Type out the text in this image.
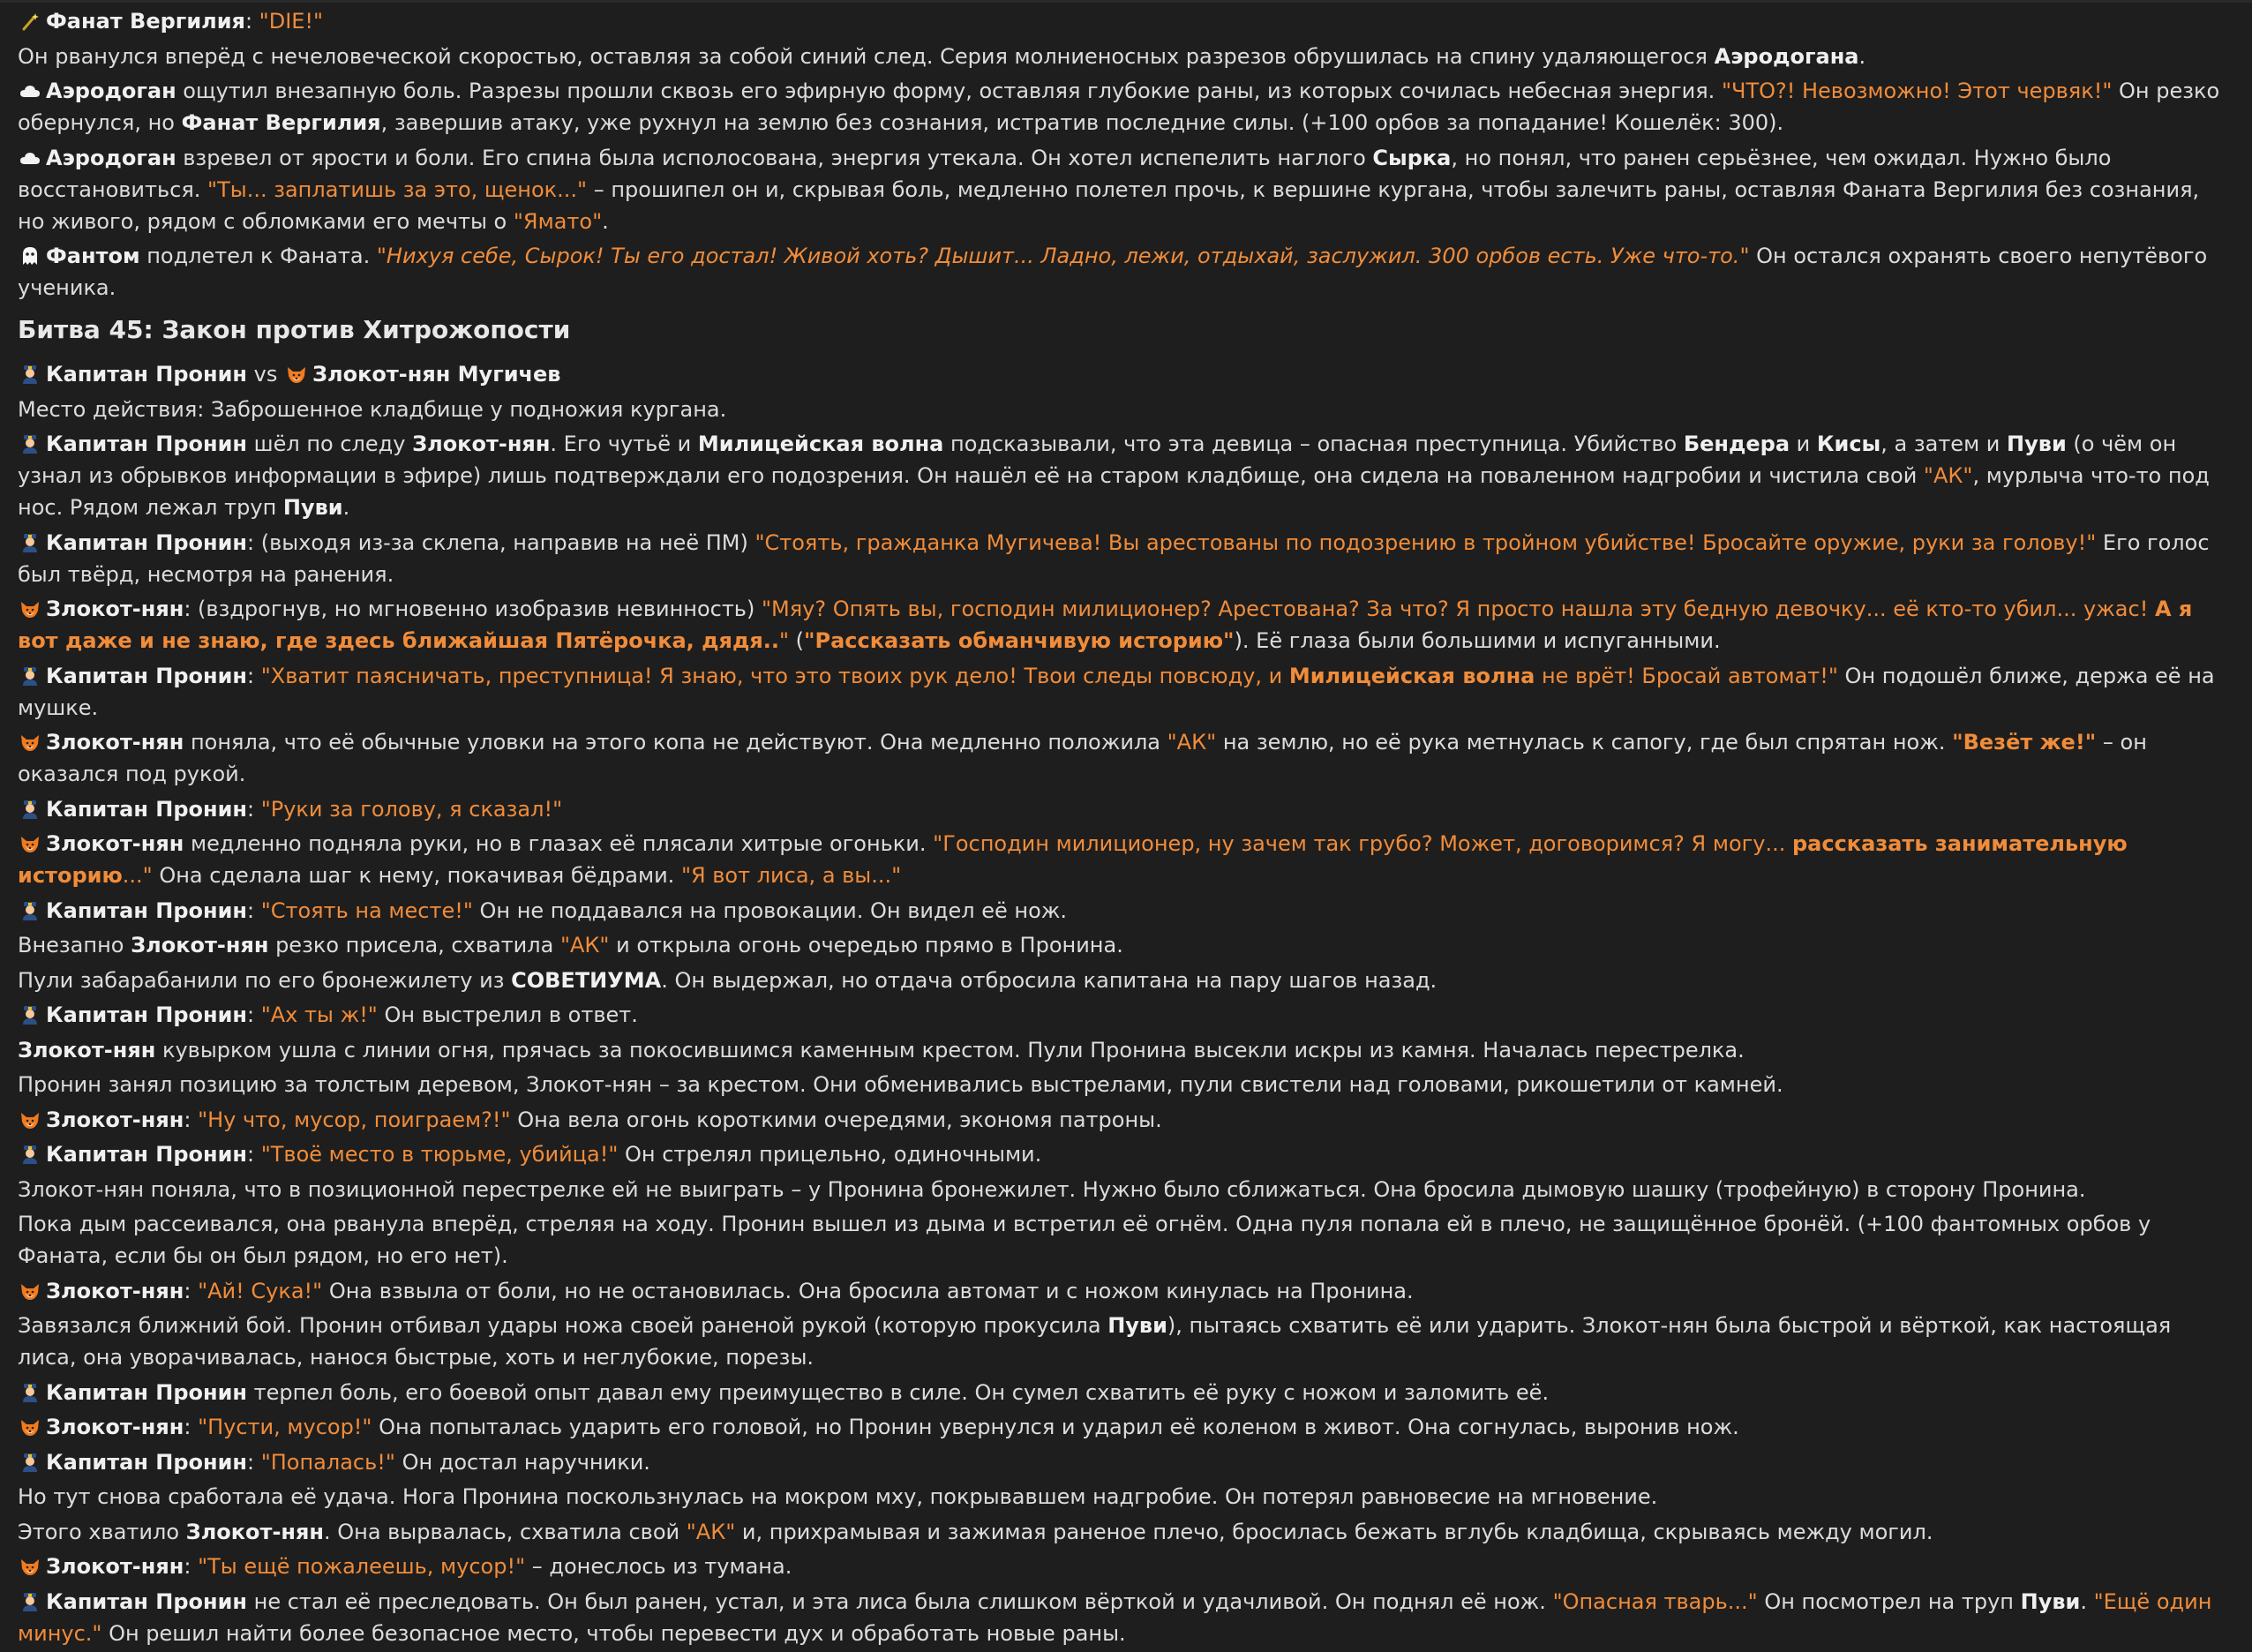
Фанат Вергилия: "DIE!"
Он рванулся вперёд с нечеловеческой скоростью, оставляя за собой синий след. Серия молниеносных разрезов обрушилась на спину удаляющегося Аэродогана.
Аэродоган ощутил внезапную боль. Разрезы прошли сквозь его эфирную форму, оставляя глубокие раны, из которых сочилась небесная энергия. "ЧТО?! Невозможно! Этот червяк!" Он резко обернулся, но Фанат Вергилия, завершив атаку, уже рухнул на землю без сознания, истратив последние силы. (+100 орбов за попадание! Кошелёк: 300).
Аэродоган взревел от ярости и боли. Его спина была исполосована, энергия утекала. Он хотел испепелить наглого Сырка, но понял, что ранен серьёзнее, чем ожидал. Нужно было восстановиться. "Ты... заплатишь за это, щенок..." – прошипел он и, скрывая боль, медленно полетел прочь, к вершине кургана, чтобы залечить раны, оставляя Фаната Вергилия без сознания, но живого, рядом с обломками его мечты о "Ямато".
Фантом подлетел к Фаната. "Нихуя себе, Сырок! Ты его достал! Живой хоть? Дышит... Ладно, лежи, отдыхай, заслужил. 300 орбов есть. Уже что-то." Он остался охранять своего непутёвого ученика.
Битва 45: Закон против Хитрожопости
Капитан Пронин vs Злокот-нян Мугичев
Место действия: Заброшенное кладбище у подножия кургана.
Капитан Пронин шёл по следу Злокот-нян. Его чутьё и Милицейская волна подсказывали, что эта девица – опасная преступница. Убийство Бендера и Кисы, а затем и Пуви (о чём он узнал из обрывков информации в эфире) лишь подтверждали его подозрения. Он нашёл её на старом кладбище, она сидела на поваленном надгробии и чистила свой "АК", мурлыча что-то под нос. Рядом лежал труп Пуви.
Капитан Пронин: (выходя из-за склепа, направив на неё ПМ) "Стоять, гражданка Мугичева! Вы арестованы по подозрению в тройном убийстве! Бросайте оружие, руки за голову!" Его голос был твёрд, несмотря на ранения.
Злокот-нян: (вздрогнув, но мгновенно изобразив невинность) "Мяу? Опять вы, господин милиционер? Арестована? За что? Я просто нашла эту бедную девочку... её кто-то убил... ужас! А я вот даже и не знаю, где здесь ближайшая Пятёрочка, дядя.." ("Рассказать обманчивую историю"). Её глаза были большими и испуганными.
Капитан Пронин: "Хватит паясничать, преступница! Я знаю, что это твоих рук дело! Твои следы повсюду, и Милицейская волна не врёт! Бросай автомат!" Он подошёл ближе, держа её на мушке.
Злокот-нян поняла, что её обычные уловки на этого копа не действуют. Она медленно положила "АК" на землю, но её рука метнулась к сапогу, где был спрятан нож. "Везёт же!" – он оказался под рукой.
Капитан Пронин: "Руки за голову, я сказал!"
Злокот-нян медленно подняла руки, но в глазах её плясали хитрые огоньки. "Господин милиционер, ну зачем так грубо? Может, договоримся? Я могу... рассказать занимательную историю..." Она сделала шаг к нему, покачивая бёдрами. "Я вот лиса, а вы..."
Капитан Пронин: "Стоять на месте!" Он не поддавался на провокации. Он видел её нож.
Внезапно Злокот-нян резко присела, схватила "АК" и открыла огонь очередью прямо в Пронина.
Пули забарабанили по его бронежилету из СОВЕТИУМА. Он выдержал, но отдача отбросила капитана на пару шагов назад.
Капитан Пронин: "Ах ты ж!" Он выстрелил в ответ.
Злокот-нян кувырком ушла с линии огня, прячась за покосившимся каменным крестом. Пули Пронина высекли искры из камня. Началась перестрелка.
Пронин занял позицию за толстым деревом, Злокот-нян – за крестом. Они обменивались выстрелами, пули свистели над головами, рикошетили от камней.
Злокот-нян: "Ну что, мусор, поиграем?!" Она вела огонь короткими очередями, экономя патроны.
Капитан Пронин: "Твоё место в тюрьме, убийца!" Он стрелял прицельно, одиночными.
Злокот-нян поняла, что в позиционной перестрелке ей не выиграть – у Пронина бронежилет. Нужно было сближаться. Она бросила дымовую шашку (трофейную) в сторону Пронина.
Пока дым рассеивался, она рванула вперёд, стреляя на ходу. Пронин вышел из дыма и встретил её огнём. Одна пуля попала ей в плечо, не защищённое бронёй. (+100 фантомных орбов у Фаната, если бы он был рядом, но его нет).
Злокот-нян: "Ай! Сука!" Она взвыла от боли, но не остановилась. Она бросила автомат и с ножом кинулась на Пронина.
Завязался ближний бой. Пронин отбивал удары ножа своей раненой рукой (которую прокусила Пуви), пытаясь схватить её или ударить. Злокот-нян была быстрой и вёрткой, как настоящая лиса, она уворачивалась, нанося быстрые, хоть и неглубокие, порезы.
Капитан Пронин терпел боль, его боевой опыт давал ему преимущество в силе. Он сумел схватить её руку с ножом и заломить её.
Злокот-нян: "Пусти, мусор!" Она попыталась ударить его головой, но Пронин увернулся и ударил её коленом в живот. Она согнулась, выронив нож.
Капитан Пронин: "Попалась!" Он достал наручники.
Но тут снова сработала её удача. Нога Пронина поскользнулась на мокром мху, покрывавшем надгробие. Он потерял равновесие на мгновение.
Этого хватило Злокот-нян. Она вырвалась, схватила свой "АК" и, прихрамывая и зажимая раненое плечо, бросилась бежать вглубь кладбища, скрываясь между могил.
Злокот-нян: "Ты ещё пожалеешь, мусор!" – донеслось из тумана.
Капитан Пронин не стал её преследовать. Он был ранен, устал, и эта лиса была слишком вёрткой и удачливой. Он поднял её нож. "Опасная тварь..." Он посмотрел на труп Пуви. "Ещё один минус." Он решил найти более безопасное место, чтобы перевести дух и обработать новые раны.
